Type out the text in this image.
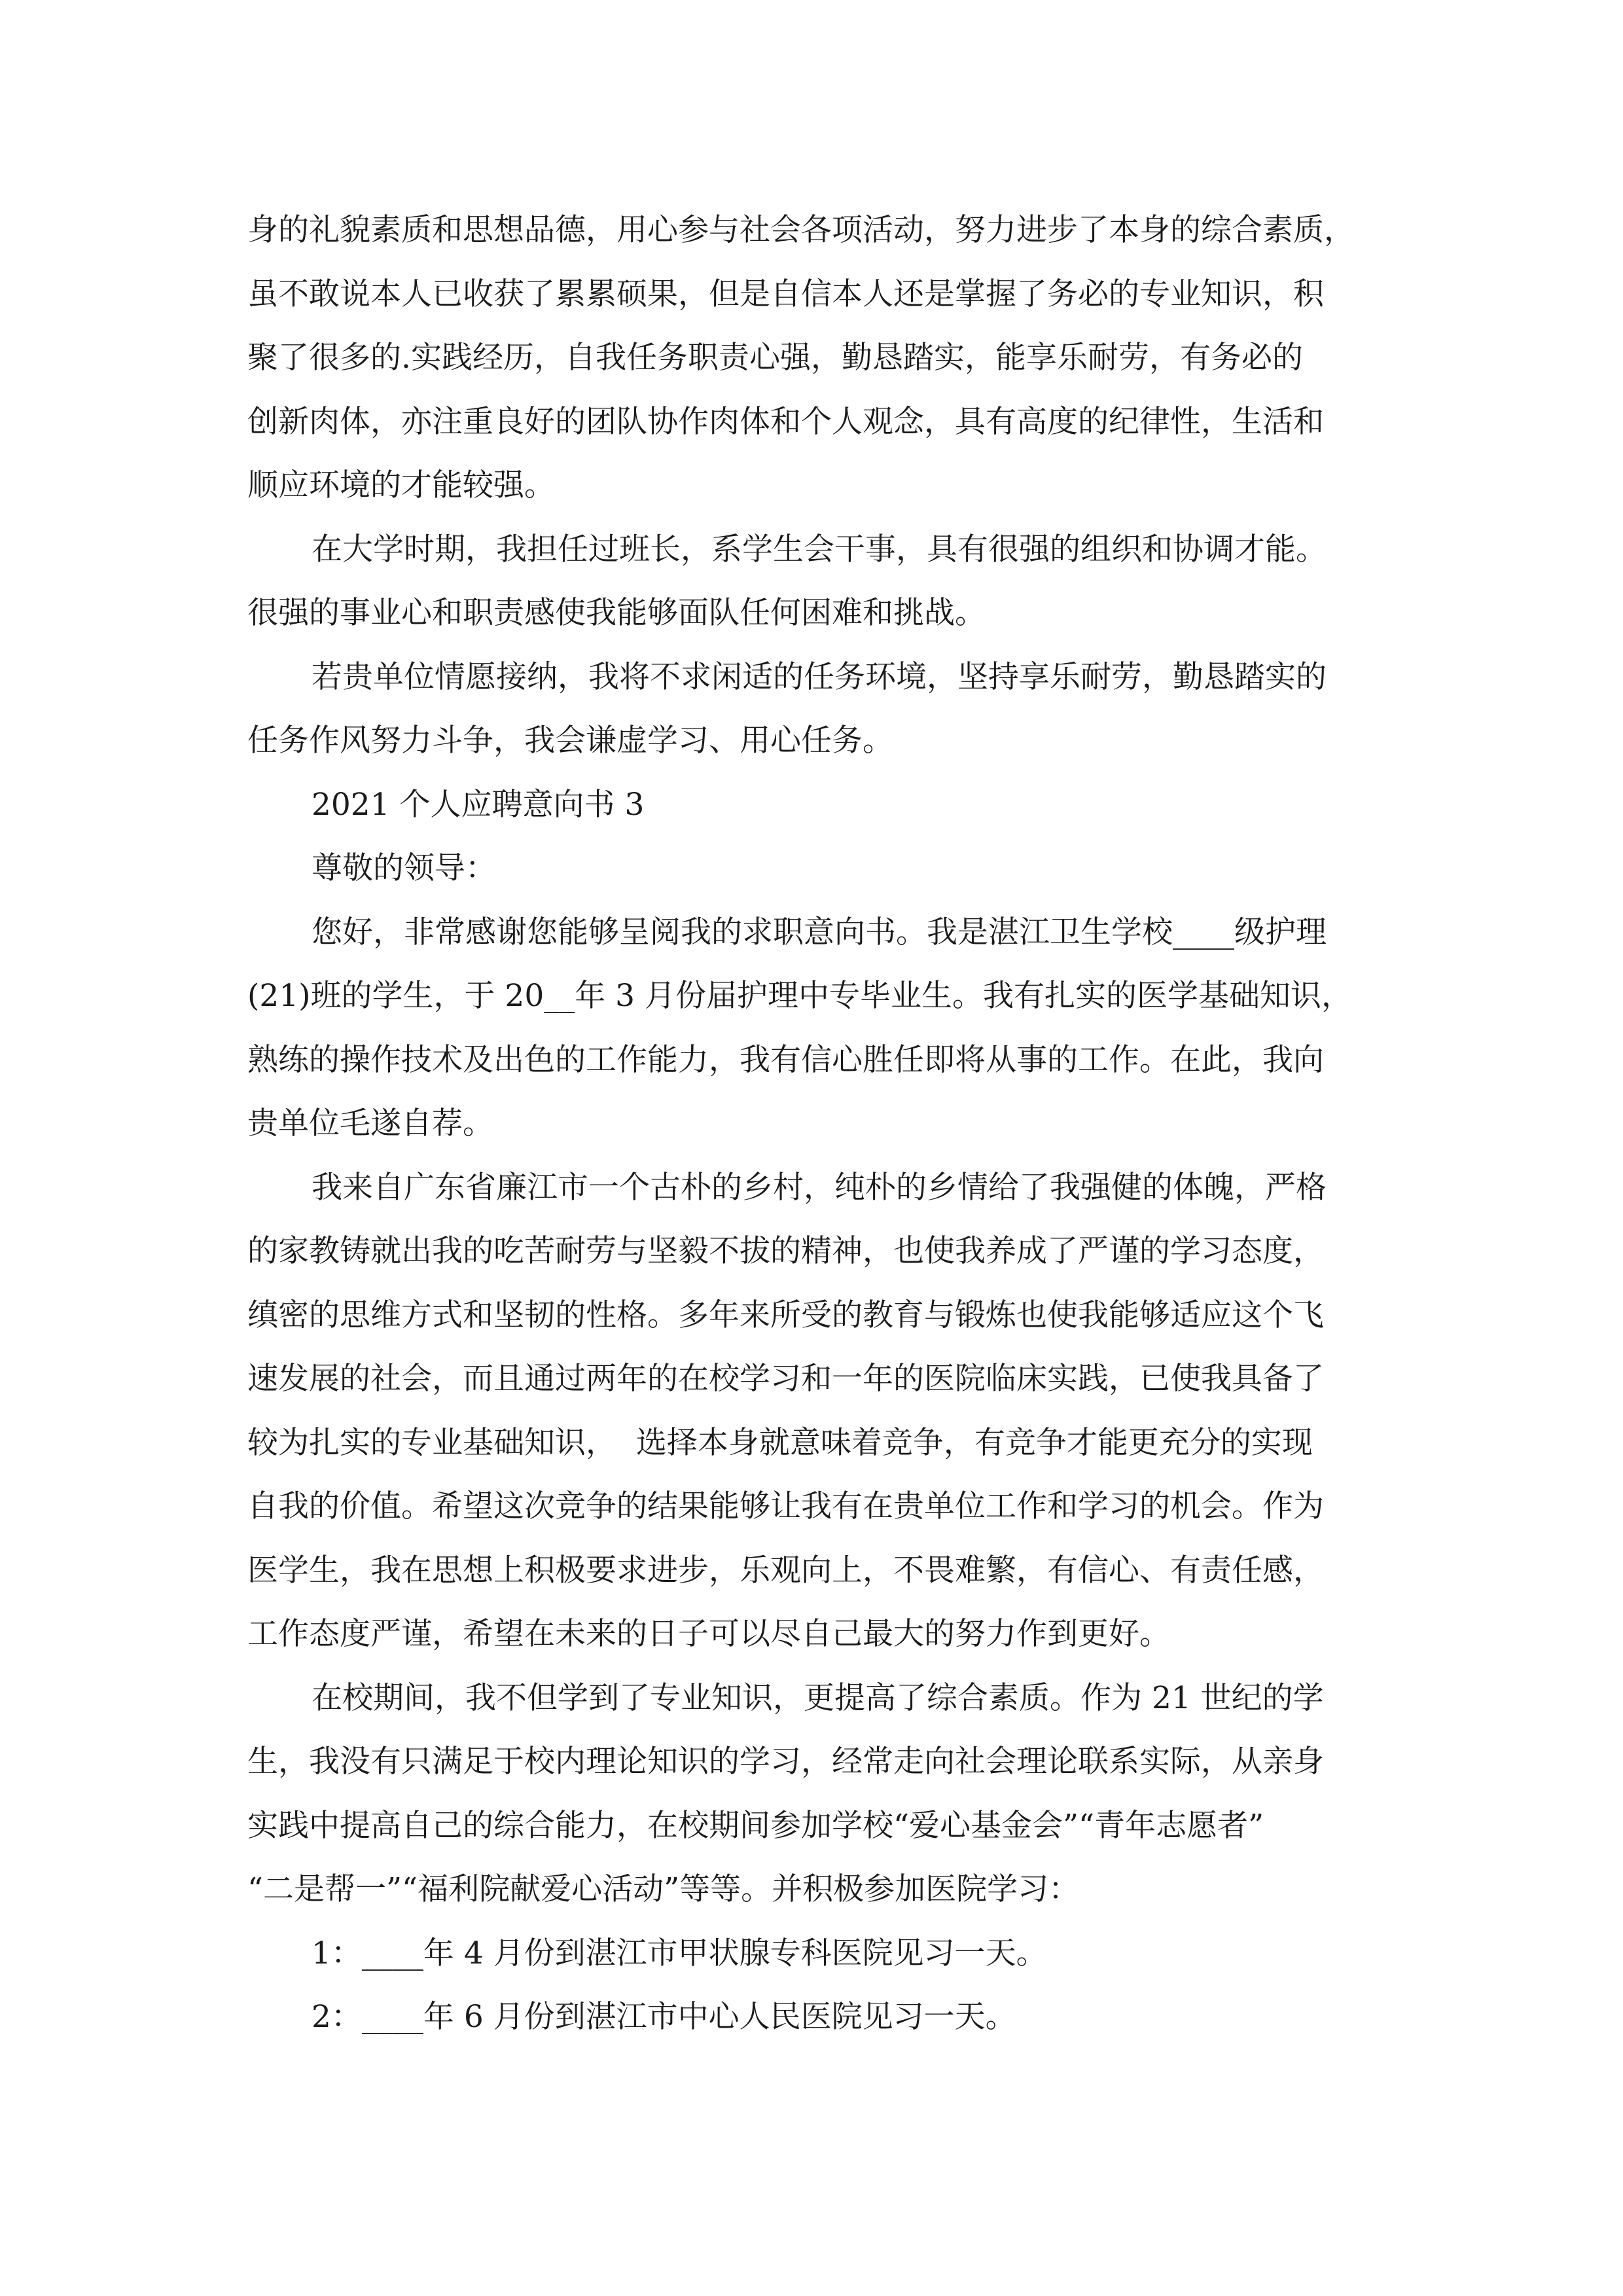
身的礼貌素质和思想品德，用心参与社会各项活动，努力进步了本身的综合素质，
虽不敢说本人已收获了累累硕果，但是自信本人还是掌握了务必的专业知识，积
聚了很多的.实践经历，自我任务职责心强，勤恳踏实，能享乐耐劳，有务必的
创新肉体，亦注重良好的团队协作肉体和个人观念，具有高度的纪律性，生活和
顺应环境的才能较强。
在大学时期，我担任过班长，系学生会干事，具有很强的组织和协调才能。
很强的事业心和职责感使我能够面队任何困难和挑战。
若贵单位情愿接纳，我将不求闲适的任务环境，坚持享乐耐劳，勤恳踏实的
任务作风努力斗争，我会谦虚学习、用心任务。
2021 个人应聘意向书 3
尊敬的领导：
您好，非常感谢您能够呈阅我的求职意向书。我是湛江卫生学校____级护理
(21)班的学生，于 20__年 3 月份届护理中专毕业生。我有扎实的医学基础知识，
熟练的操作技术及出色的工作能力，我有信心胜任即将从事的工作。在此，我向
贵单位毛遂自荐。
我来自广东省廉江市一个古朴的乡村，纯朴的乡情给了我强健的体魄，严格
的家教铸就出我的吃苦耐劳与坚毅不拔的精神，也使我养成了严谨的学习态度，
缜密的思维方式和坚韧的性格。多年来所受的教育与锻炼也使我能够适应这个飞
速发展的社会，而且通过两年的在校学习和一年的医院临床实践，已使我具备了
较为扎实的专业基础知识，  选择本身就意味着竞争，有竞争才能更充分的实现
自我的价值。希望这次竞争的结果能够让我有在贵单位工作和学习的机会。作为
医学生，我在思想上积极要求进步，乐观向上，不畏难繁，有信心、有责任感，
工作态度严谨，希望在未来的日子可以尽自己最大的努力作到更好。
在校期间，我不但学到了专业知识，更提高了综合素质。作为 21 世纪的学
生，我没有只满足于校内理论知识的学习，经常走向社会理论联系实际，从亲身
实践中提高自己的综合能力，在校期间参加学校“爱心基金会”“青年志愿者”
“二是帮一”“福利院献爱心活动”等等。并积极参加医院学习：
1：____年 4 月份到湛江市甲状腺专科医院见习一天。
2：____年 6 月份到湛江市中心人民医院见习一天。
